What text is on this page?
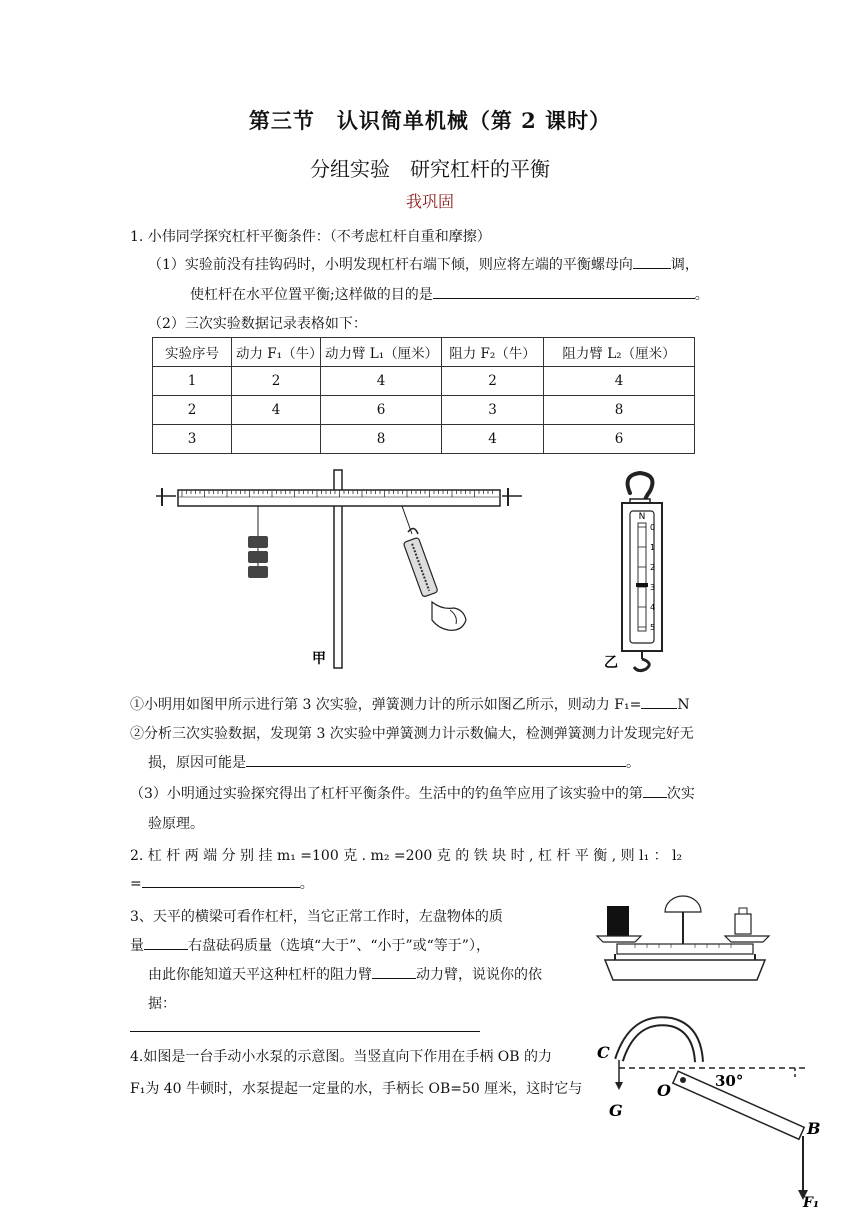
第三节　认识简单机械（第 2 课时）
分组实验　研究杠杆的平衡
我巩固
1. 小伟同学探究杠杆平衡条件：（不考虑杠杆自重和摩擦）
（1）实验前没有挂钩码时，小明发现杠杆右端下倾，则应将左端的平衡螺母向	调，
使杠杆在水平位置平衡;这样做的目的是	。
（2）三次实验数据记录表格如下：
实验序号	动力 F₁（牛）	动力臂 L₁（厘米）	阻力 F₂（牛）	阻力臂 L₂（厘米）
1	2	4	2	4
2	4	6	3	8
3		8	4	6
甲
N
0
1
2
3
4
5
乙
①小明用如图甲所示进行第 3 次实验，弹簧测力计的所示如图乙所示，则动力 F₁=	N
②分析三次实验数据，发现第 3 次实验中弹簧测力计示数偏大，检测弹簧测力计发现完好无
损，原因可能是	。
（3）小明通过实验探究得出了杠杆平衡条件。生活中的钓鱼竿应用了该实验中的第 次实
验原理。
2. 杠 杆 两 端 分 别 挂 m₁ =100 克 . m₂ =200 克 的 铁 块 时 , 杠 杆 平 衡 , 则 l₁ ： l₂
=	。
3、天平的横梁可看作杠杆，当它正常工作时，左盘物体的质
量	右盘砝码质量（选填“大于”、“小于”或“等于”），
由此你能知道天平这种杠杆的阻力臂	动力臂，说说你的依
据：
4.如图是一台手动小水泵的示意图。当竖直向下作用在手柄 OB 的力
F₁为 40 牛顿时，水泵提起一定量的水，手柄长 OB=50 厘米，这时它与
C
O
G
B
F₁
30°
